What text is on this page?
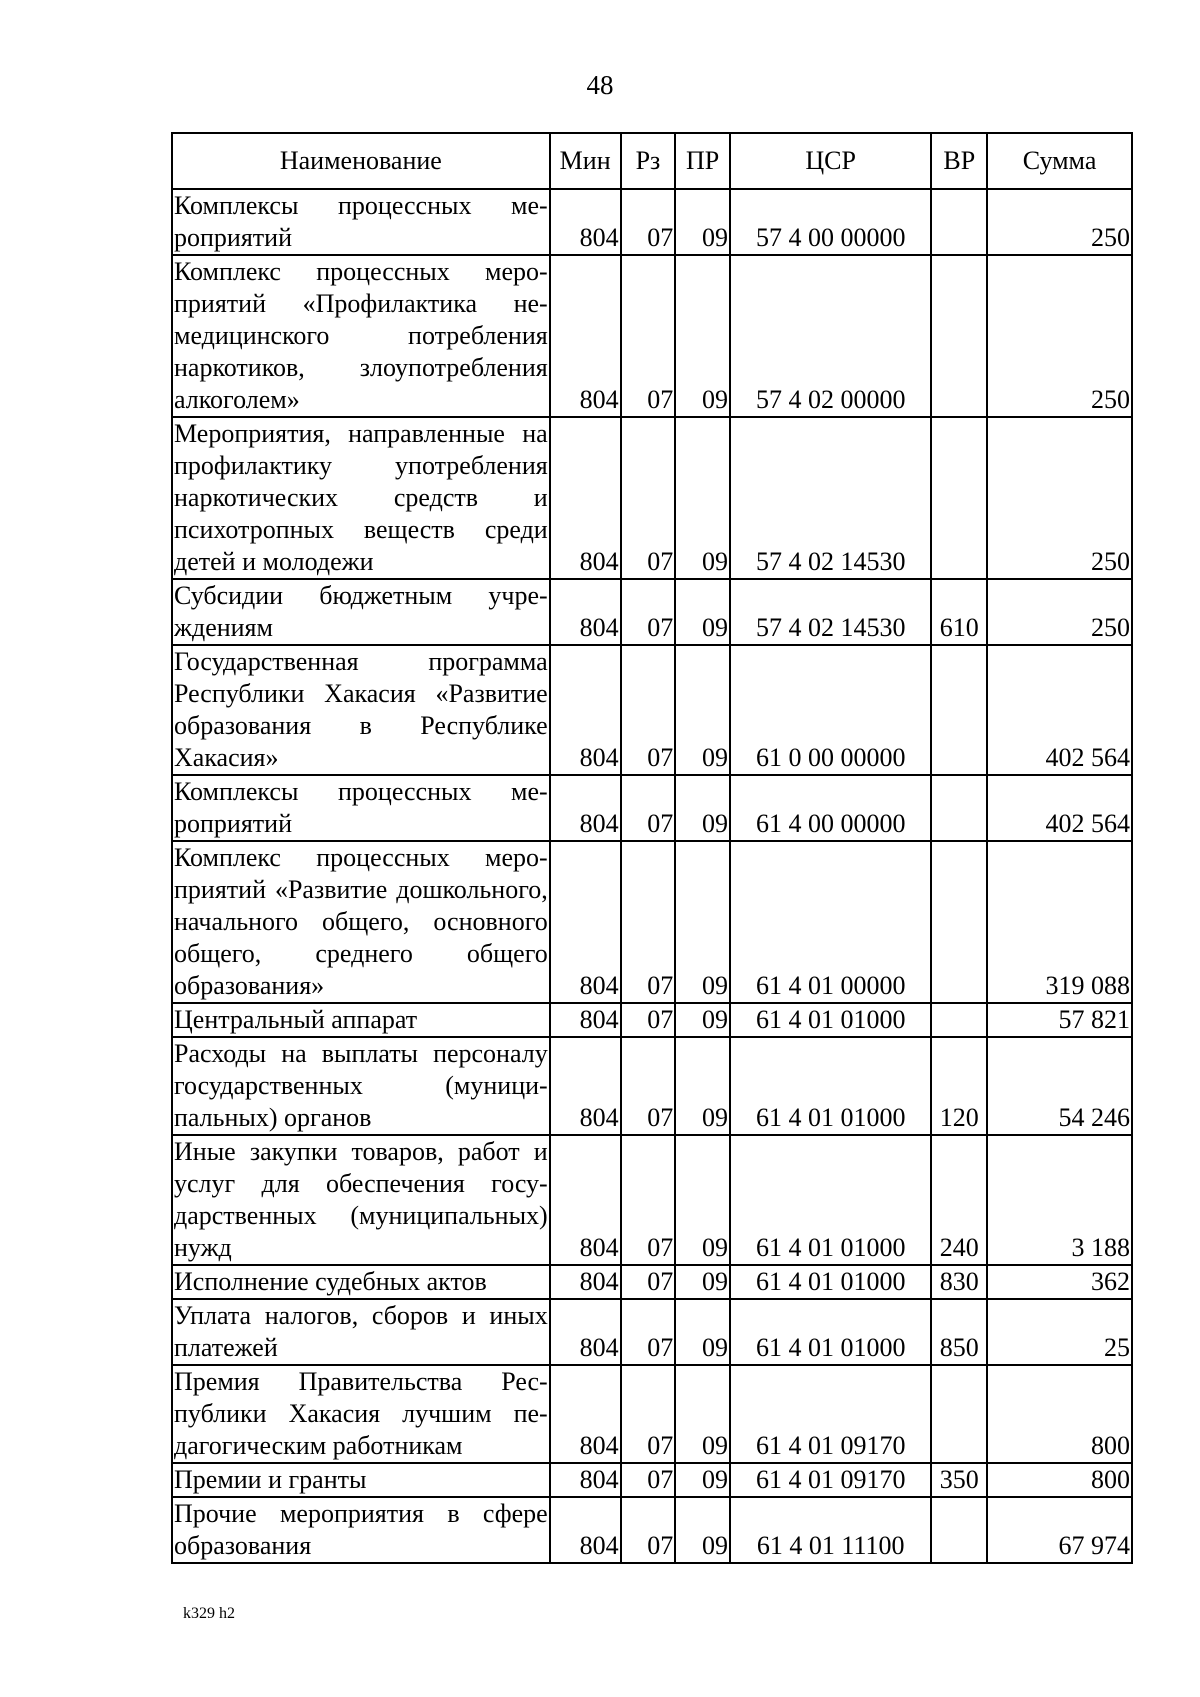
48
Наименование	Мин	Рз	ПР	ЦСР	ВР	Сумма
Комплексы процессных мероприятий	804	07	09	57 4 00 00000		250
Комплекс процессных мероприятий «Профилактика немедицинского потребления наркотиков, злоупотребления алкоголем»	804	07	09	57 4 02 00000		250
Мероприятия, направленные на профилактику употребления наркотических средств и психотропных веществ среди детей и молодежи	804	07	09	57 4 02 14530		250
Субсидии бюджетным учреждениям	804	07	09	57 4 02 14530	610	250
Государственная программа Республики Хакасия «Развитие образования в Республике Хакасия»	804	07	09	61 0 00 00000		402 564
Комплексы процессных мероприятий	804	07	09	61 4 00 00000		402 564
Комплекс процессных мероприятий «Развитие дошкольного, начального общего, основного общего, среднего общего образования»	804	07	09	61 4 01 00000		319 088
Центральный аппарат	804	07	09	61 4 01 01000		57 821
Расходы на выплаты персоналу государственных (муниципальных) органов	804	07	09	61 4 01 01000	120	54 246
Иные закупки товаров, работ и услуг для обеспечения государственных (муниципальных) нужд	804	07	09	61 4 01 01000	240	3 188
Исполнение судебных актов	804	07	09	61 4 01 01000	830	362
Уплата налогов, сборов и иных платежей	804	07	09	61 4 01 01000	850	25
Премия Правительства Республики Хакасия лучшим педагогическим работникам	804	07	09	61 4 01 09170		800
Премии и гранты	804	07	09	61 4 01 09170	350	800
Прочие мероприятия в сфере образования	804	07	09	61 4 01 11100		67 974
k329 h2
